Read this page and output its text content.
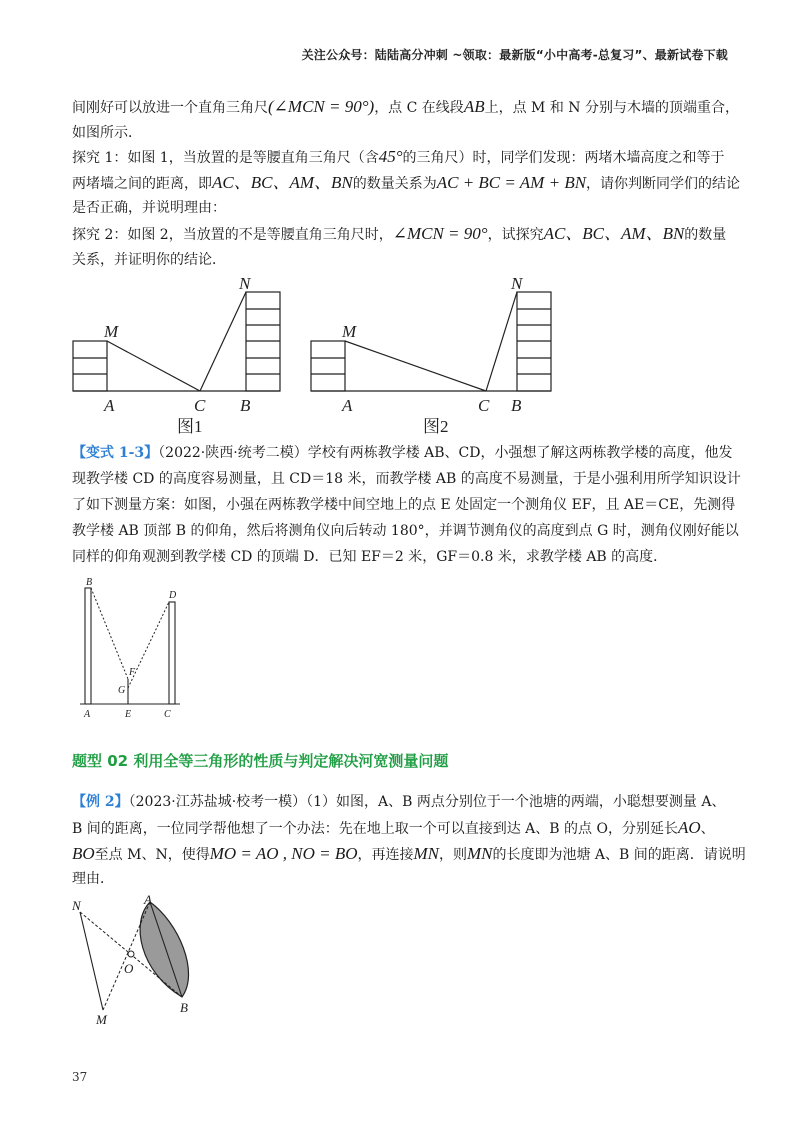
关注公众号：陆陆高分冲刺 ~领取：最新版“小中高考-总复习”、最新试卷下载
间刚好可以放进一个直角三角尺(∠MCN = 90°)，点 C 在线段AB上，点 M 和 N 分别与木墙的顶端重合，
如图所示．
探究 1：如图 1，当放置的是等腰直角三角尺（含45°的三角尺）时，同学们发现：两堵木墙高度之和等于
两堵墙之间的距离，即AC、BC、AM、BN的数量关系为AC + BC = AM + BN，请你判断同学们的结论
是否正确，并说明理由：
探究 2：如图 2，当放置的不是等腰直角三角尺时，∠MCN = 90°，试探究AC、BC、AM、BN的数量
关系，并证明你的结论．
M
N
A	C B
图1
M
N
A	C B
图2
【变式 1-3】（2022·陕西·统考二模）学校有两栋教学楼 AB、CD，小强想了解这两栋教学楼的高度，他发
现教学楼 CD 的高度容易测量，且 CD＝18 米，而教学楼 AB 的高度不易测量，于是小强利用所学知识设计
了如下测量方案：如图，小强在两栋教学楼中间空地上的点 E 处固定一个测角仪 EF，且 AE＝CE，先测得
教学楼 AB 顶部 B 的仰角，然后将测角仪向后转动 180°，并调节测角仪的高度到点 G 时，测角仪刚好能以
同样的仰角观测到教学楼 CD 的顶端 D．已知 EF＝2 米，GF＝0.8 米，求教学楼 AB 的高度．
B
D
F
G
A	E	C
题型 02 利用全等三角形的性质与判定解决河宽测量问题
【例 2】（2023·江苏盐城·校考一模）（1）如图，A、B 两点分别位于一个池塘的两端，小聪想要测量 A、
B 间的距离，一位同学帮他想了一个办法：先在地上取一个可以直接到达 A、B 的点 O，分别延长AO、
BO至点 M、N，使得MO = AO , NO = BO，再连接MN，则MN的长度即为池塘 A、B 间的距离．请说明
理由．
N	A
O
M
B
37
